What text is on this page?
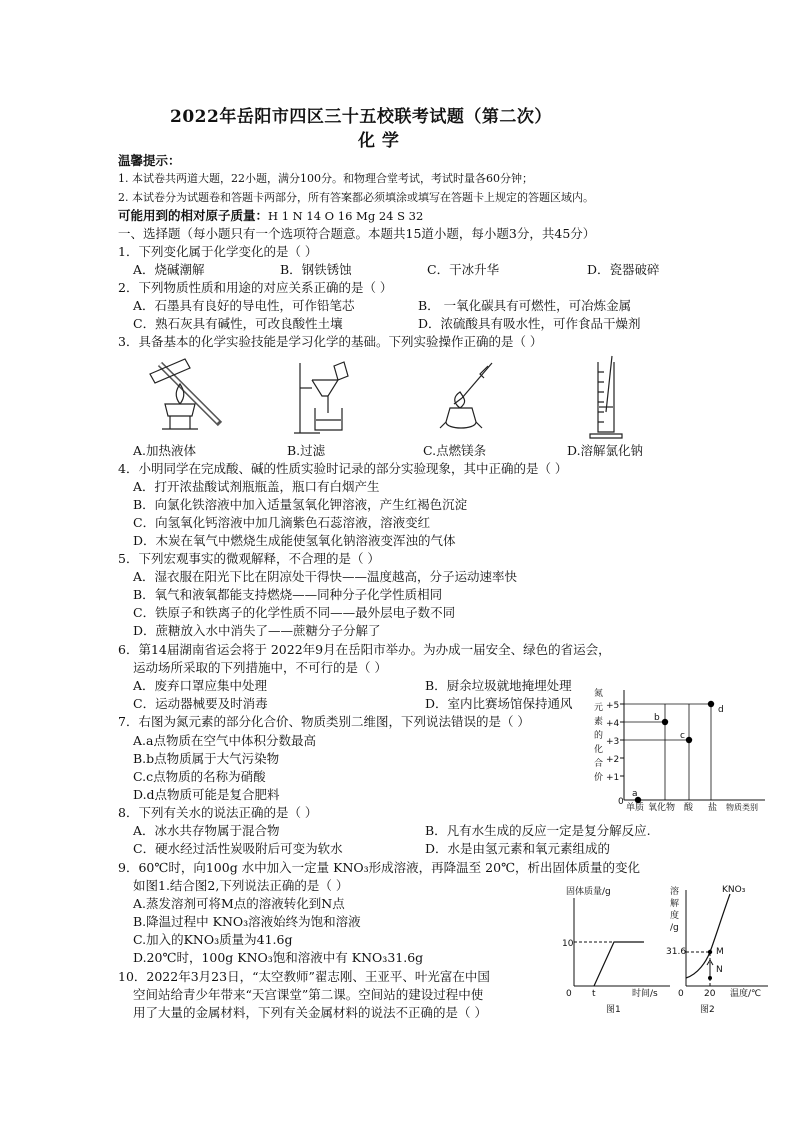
2022年岳阳市四区三十五校联考试题（第二次）
化 学
温馨提示：
1. 本试卷共两道大题，22小题，满分100分。和物理合堂考试，考试时量各60分钟；
2. 本试卷分为试题卷和答题卡两部分，所有答案都必须填涂或填写在答题卡上规定的答题区域内。
可能用到的相对原子质量：H 1 N 14 O 16 Mg 24 S 32
一、选择题（每小题只有一个选项符合题意。本题共15道小题，每小题3分，共45分）
1．下列变化属于化学变化的是（ ）
A．烧碱潮解	B．钢铁锈蚀	C．干冰升华	D．瓷器破碎
2．下列物质性质和用途的对应关系正确的是（ ）
A．石墨具有良好的导电性，可作铅笔芯	B． 一氧化碳具有可燃性，可冶炼金属
C．熟石灰具有碱性，可改良酸性土壤	D．浓硫酸具有吸水性，可作食品干燥剂
3．具备基本的化学实验技能是学习化学的基础。下列实验操作正确的是（ ）
A.加热液体	B.过滤	C.点燃镁条	D.溶解氯化钠
4．小明同学在完成酸、碱的性质实验时记录的部分实验现象，其中正确的是（ ）
A．打开浓盐酸试剂瓶瓶盖，瓶口有白烟产生
B．向氯化铁溶液中加入适量氢氧化钾溶液，产生红褐色沉淀
C．向氢氧化钙溶液中加几滴紫色石蕊溶液，溶液变红
D．木炭在氧气中燃烧生成能使氢氧化钠溶液变浑浊的气体
5．下列宏观事实的微观解释，不合理的是（ ）
A．湿衣服在阳光下比在阴凉处干得快——温度越高，分子运动速率快
B．氧气和液氧都能支持燃烧——同种分子化学性质相同
C．铁原子和铁离子的化学性质不同——最外层电子数不同
D．蔗糖放入水中消失了——蔗糖分子分解了
6．第14届湖南省运会将于 2022年9月在岳阳市举办。为办成一届安全、绿色的省运会，
运动场所采取的下列措施中，不可行的是（ ）
A．废弃口罩应集中处理	B．厨余垃圾就地掩埋处理
C．运动器械要及时消毒	D．室内比赛场馆保持通风
7．右图为氮元素的部分化合价、物质类别二维图，下列说法错误的是（ ）
A.a点物质在空气中体积分数最高
B.b点物质属于大气污染物
C.c点物质的名称为硝酸
D.d点物质可能是复合肥料
氮
元
素
的
化
合
价
+5
+4
+3
+2
+1
0
单质 氧化物 酸 盐 物质类别
a
b
c
d
8．下列有关水的说法正确的是（ ）
A．冰水共存物属于混合物	B．凡有水生成的反应一定是复分解反应.
C．硬水经过活性炭吸附后可变为软水	D．水是由氢元素和氧元素组成的
9．60℃时，向100g 水中加入一定量 KNO₃形成溶液，再降温至 20℃，析出固体质量的变化
如图1.结合图2,下列说法正确的是（ ）
A.蒸发溶剂可将M点的溶液转化到N点
B.降温过程中 KNO₃溶液始终为饱和溶液
C.加入的KNO₃质量为41.6g
D.20℃时，100g KNO₃饱和溶液中有 KNO₃31.6g
固体质量/g
10
0 t	时间/s
图1
溶
解
度
/g
KNO₃
31.6	M
N
0 20 温度/℃
图2
10．2022年3月23日，“太空教师”翟志刚、王亚平、叶光富在中国
空间站给青少年带来“天宫课堂”第二课。空间站的建设过程中使
用了大量的金属材料，下列有关金属材料的说法不正确的是（ ）
